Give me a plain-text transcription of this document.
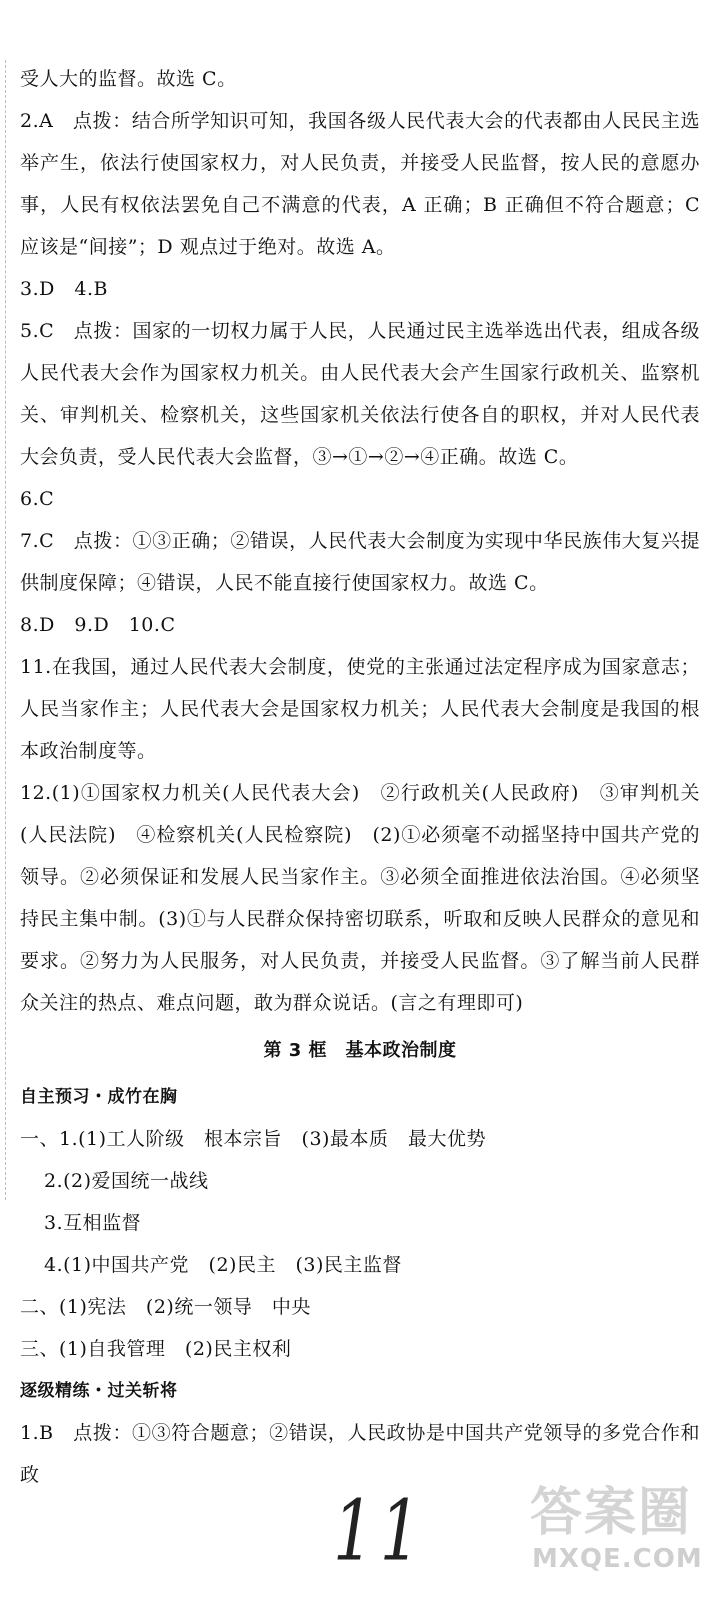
受人大的监督。故选 C。

2.A　点拨：结合所学知识可知，我国各级人民代表大会的代表都由人民民主选举产生，依法行使国家权力，对人民负责，并接受人民监督，按人民的意愿办事，人民有权依法罢免自己不满意的代表，A 正确；B 正确但不符合题意；C 应该是“间接”；D 观点过于绝对。故选 A。

3.D　4.B

5.C　点拨：国家的一切权力属于人民，人民通过民主选举选出代表，组成各级人民代表大会作为国家权力机关。由人民代表大会产生国家行政机关、监察机关、审判机关、检察机关，这些国家机关依法行使各自的职权，并对人民代表大会负责，受人民代表大会监督，③→①→②→④正确。故选 C。

6.C

7.C　点拨：①③正确；②错误，人民代表大会制度为实现中华民族伟大复兴提供制度保障；④错误，人民不能直接行使国家权力。故选 C。

8.D　9.D　10.C

11.在我国，通过人民代表大会制度，使党的主张通过法定程序成为国家意志；人民当家作主；人民代表大会是国家权力机关；人民代表大会制度是我国的根本政治制度等。

12.(1)①国家权力机关(人民代表大会)　②行政机关(人民政府)　③审判机关(人民法院)　④检察机关(人民检察院)　(2)①必须毫不动摇坚持中国共产党的领导。②必须保证和发展人民当家作主。③必须全面推进依法治国。④必须坚持民主集中制。(3)①与人民群众保持密切联系，听取和反映人民群众的意见和要求。②努力为人民服务，对人民负责，并接受人民监督。③了解当前人民群众关注的热点、难点问题，敢为群众说话。(言之有理即可)

第 3 框　基本政治制度

自主预习・成竹在胸

一、1.(1)工人阶级　根本宗旨　(3)最本质　最大优势

2.(2)爱国统一战线

3.互相监督

4.(1)中国共产党　(2)民主　(3)民主监督

二、(1)宪法　(2)统一领导　中央

三、(1)自我管理　(2)民主权利

逐级精练・过关斩将

1.B　点拨：①③符合题意；②错误，人民政协是中国共产党领导的多党合作和政

11 答案圈
MXQE.COM
